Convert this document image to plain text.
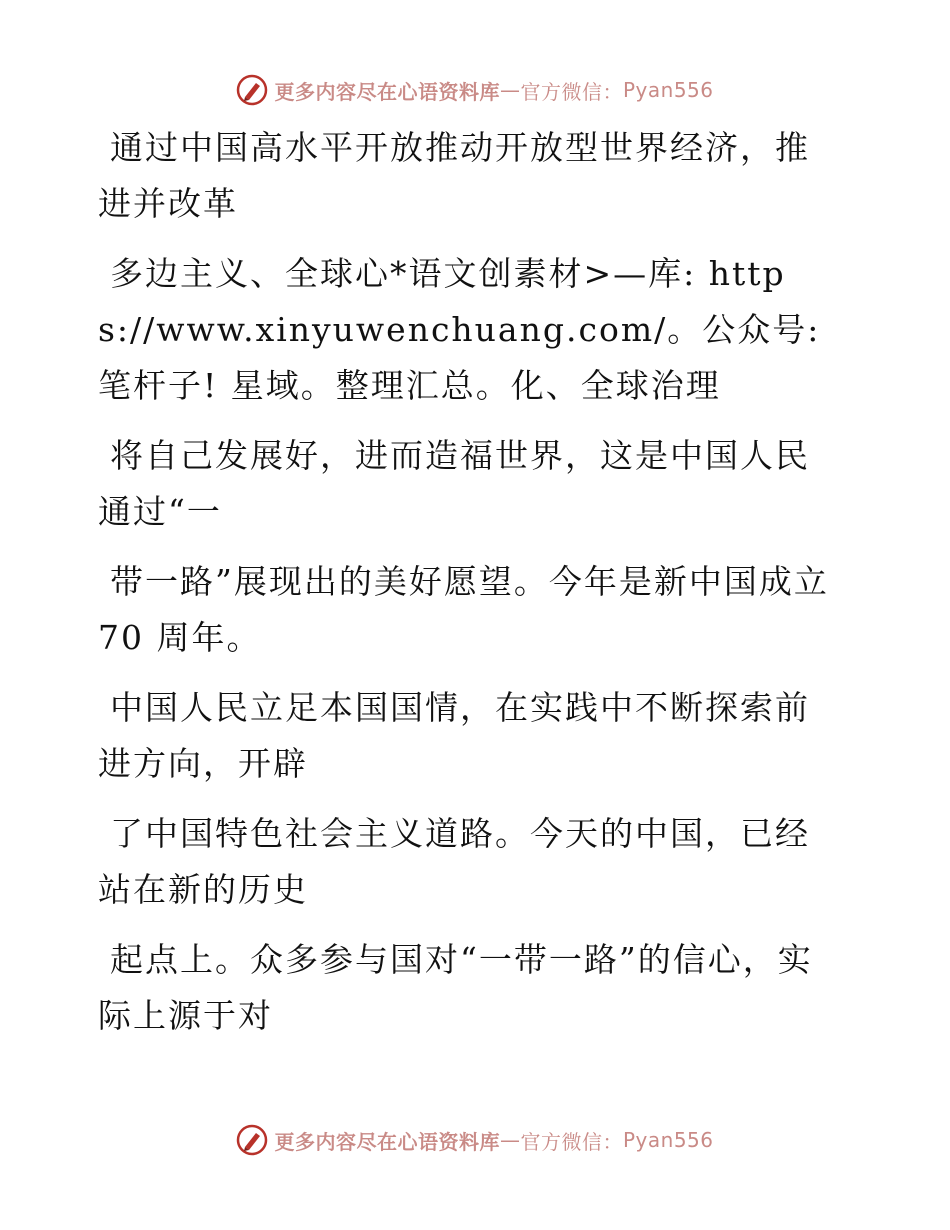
更多内容尽在心语资料库 — 官方微信： Pyan556

通过中国高水平开放推动开放型世界经济，推进并改革

多边主义、全球心*语文创素材>—库: https://www.xinyuwenchuang.com/。公众号: 笔杆子! 星域。整理汇总。化、全球治理

将自己发展好，进而造福世界，这是中国人民通过“一

带一路”展现出的美好愿望。今年是新中国成立 70 周年。

中国人民立足本国国情，在实践中不断探索前进方向，开辟

了中国特色社会主义道路。今天的中国，已经站在新的历史

起点上。众多参与国对“一带一路”的信心，实际上源于对

更多内容尽在心语资料库 — 官方微信： Pyan556
